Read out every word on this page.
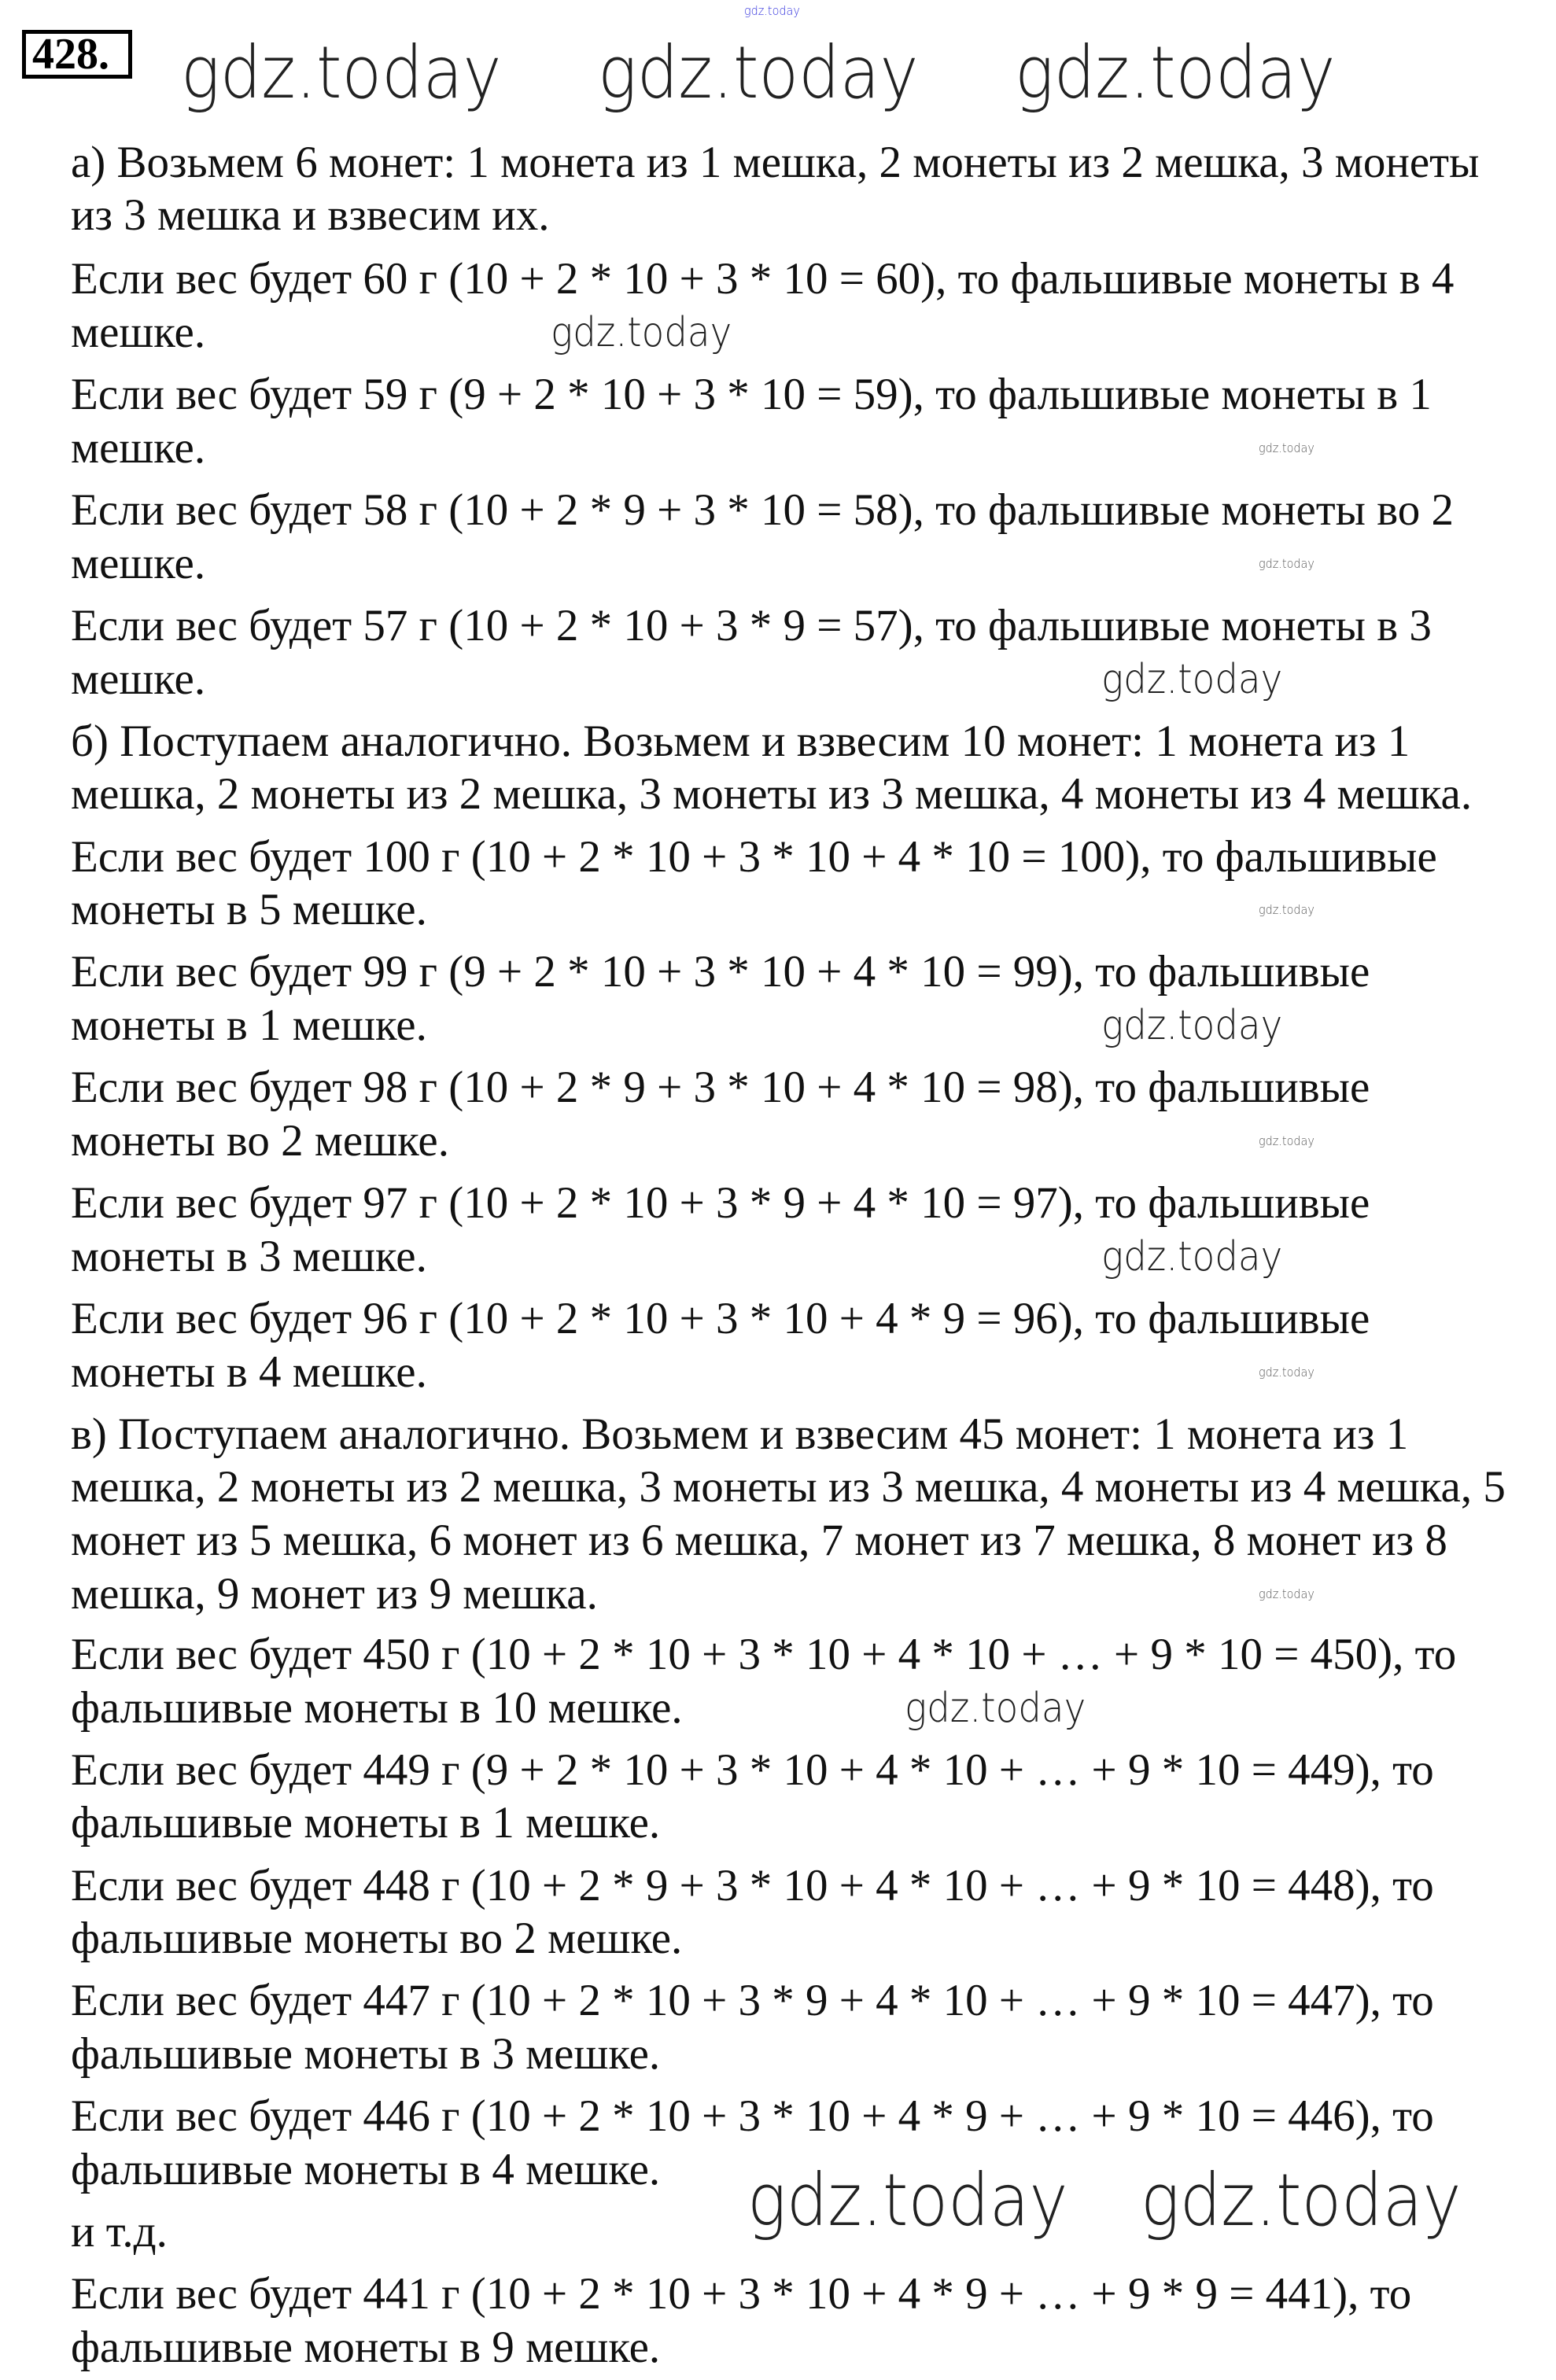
428.
а) Возьмем 6 монет: 1 монета из 1 мешка, 2 монеты из 2 мешка, 3 монеты
из 3 мешка и взвесим их.
Если вес будет 60 г (10 + 2 * 10 + 3 * 10 = 60), то фальшивые монеты в 4
мешке.
Если вес будет 59 г (9 + 2 * 10 + 3 * 10 = 59), то фальшивые монеты в 1
мешке.
Если вес будет 58 г (10 + 2 * 9 + 3 * 10 = 58), то фальшивые монеты во 2
мешке.
Если вес будет 57 г (10 + 2 * 10 + 3 * 9 = 57), то фальшивые монеты в 3
мешке.
б) Поступаем аналогично. Возьмем и взвесим 10 монет: 1 монета из 1
мешка, 2 монеты из 2 мешка, 3 монеты из 3 мешка, 4 монеты из 4 мешка.
Если вес будет 100 г (10 + 2 * 10 + 3 * 10 + 4 * 10 = 100), то фальшивые
монеты в 5 мешке.
Если вес будет 99 г (9 + 2 * 10 + 3 * 10 + 4 * 10 = 99), то фальшивые
монеты в 1 мешке.
Если вес будет 98 г (10 + 2 * 9 + 3 * 10 + 4 * 10 = 98), то фальшивые
монеты во 2 мешке.
Если вес будет 97 г (10 + 2 * 10 + 3 * 9 + 4 * 10 = 97), то фальшивые
монеты в 3 мешке.
Если вес будет 96 г (10 + 2 * 10 + 3 * 10 + 4 * 9 = 96), то фальшивые
монеты в 4 мешке.
в) Поступаем аналогично. Возьмем и взвесим 45 монет: 1 монета из 1
мешка, 2 монеты из 2 мешка, 3 монеты из 3 мешка, 4 монеты из 4 мешка, 5
монет из 5 мешка, 6 монет из 6 мешка, 7 монет из 7 мешка, 8 монет из 8
мешка, 9 монет из 9 мешка.
Если вес будет 450 г (10 + 2 * 10 + 3 * 10 + 4 * 10 + … + 9 * 10 = 450), то
фальшивые монеты в 10 мешке.
Если вес будет 449 г (9 + 2 * 10 + 3 * 10 + 4 * 10 + … + 9 * 10 = 449), то
фальшивые монеты в 1 мешке.
Если вес будет 448 г (10 + 2 * 9 + 3 * 10 + 4 * 10 + … + 9 * 10 = 448), то
фальшивые монеты во 2 мешке.
Если вес будет 447 г (10 + 2 * 10 + 3 * 9 + 4 * 10 + … + 9 * 10 = 447), то
фальшивые монеты в 3 мешке.
Если вес будет 446 г (10 + 2 * 10 + 3 * 10 + 4 * 9 + … + 9 * 10 = 446), то
фальшивые монеты в 4 мешке.
и т.д.
Если вес будет 441 г (10 + 2 * 10 + 3 * 10 + 4 * 9 + … + 9 * 9 = 441), то
фальшивые монеты в 9 мешке.
gdz.today
gdz.today gdz.today gdz.today
gdz.today gdz.today
gdz.today
gdz.today
gdz.today
gdz.today
gdz.today
gdz.today
gdz.today
gdz.today
gdz.today
gdz.today
gdz.today
